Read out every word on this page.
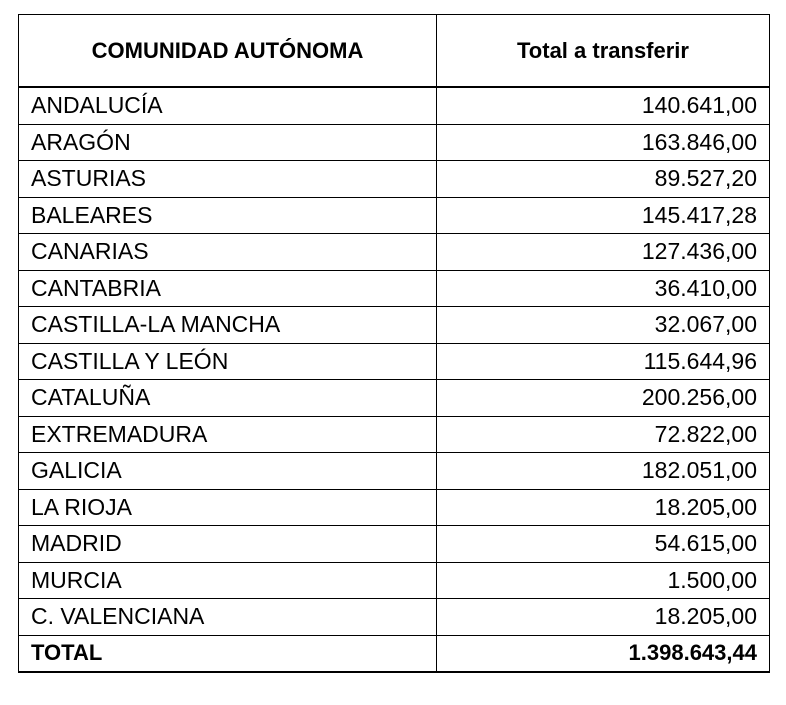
COMUNIDAD AUTÓNOMA	Total a transferir
ANDALUCÍA	140.641,00
ARAGÓN	163.846,00
ASTURIAS	89.527,20
BALEARES	145.417,28
CANARIAS	127.436,00
CANTABRIA	36.410,00
CASTILLA-LA MANCHA	32.067,00
CASTILLA Y LEÓN	115.644,96
CATALUÑA	200.256,00
EXTREMADURA	72.822,00
GALICIA	182.051,00
LA RIOJA	18.205,00
MADRID	54.615,00
MURCIA	1.500,00
C. VALENCIANA	18.205,00
TOTAL	1.398.643,44
